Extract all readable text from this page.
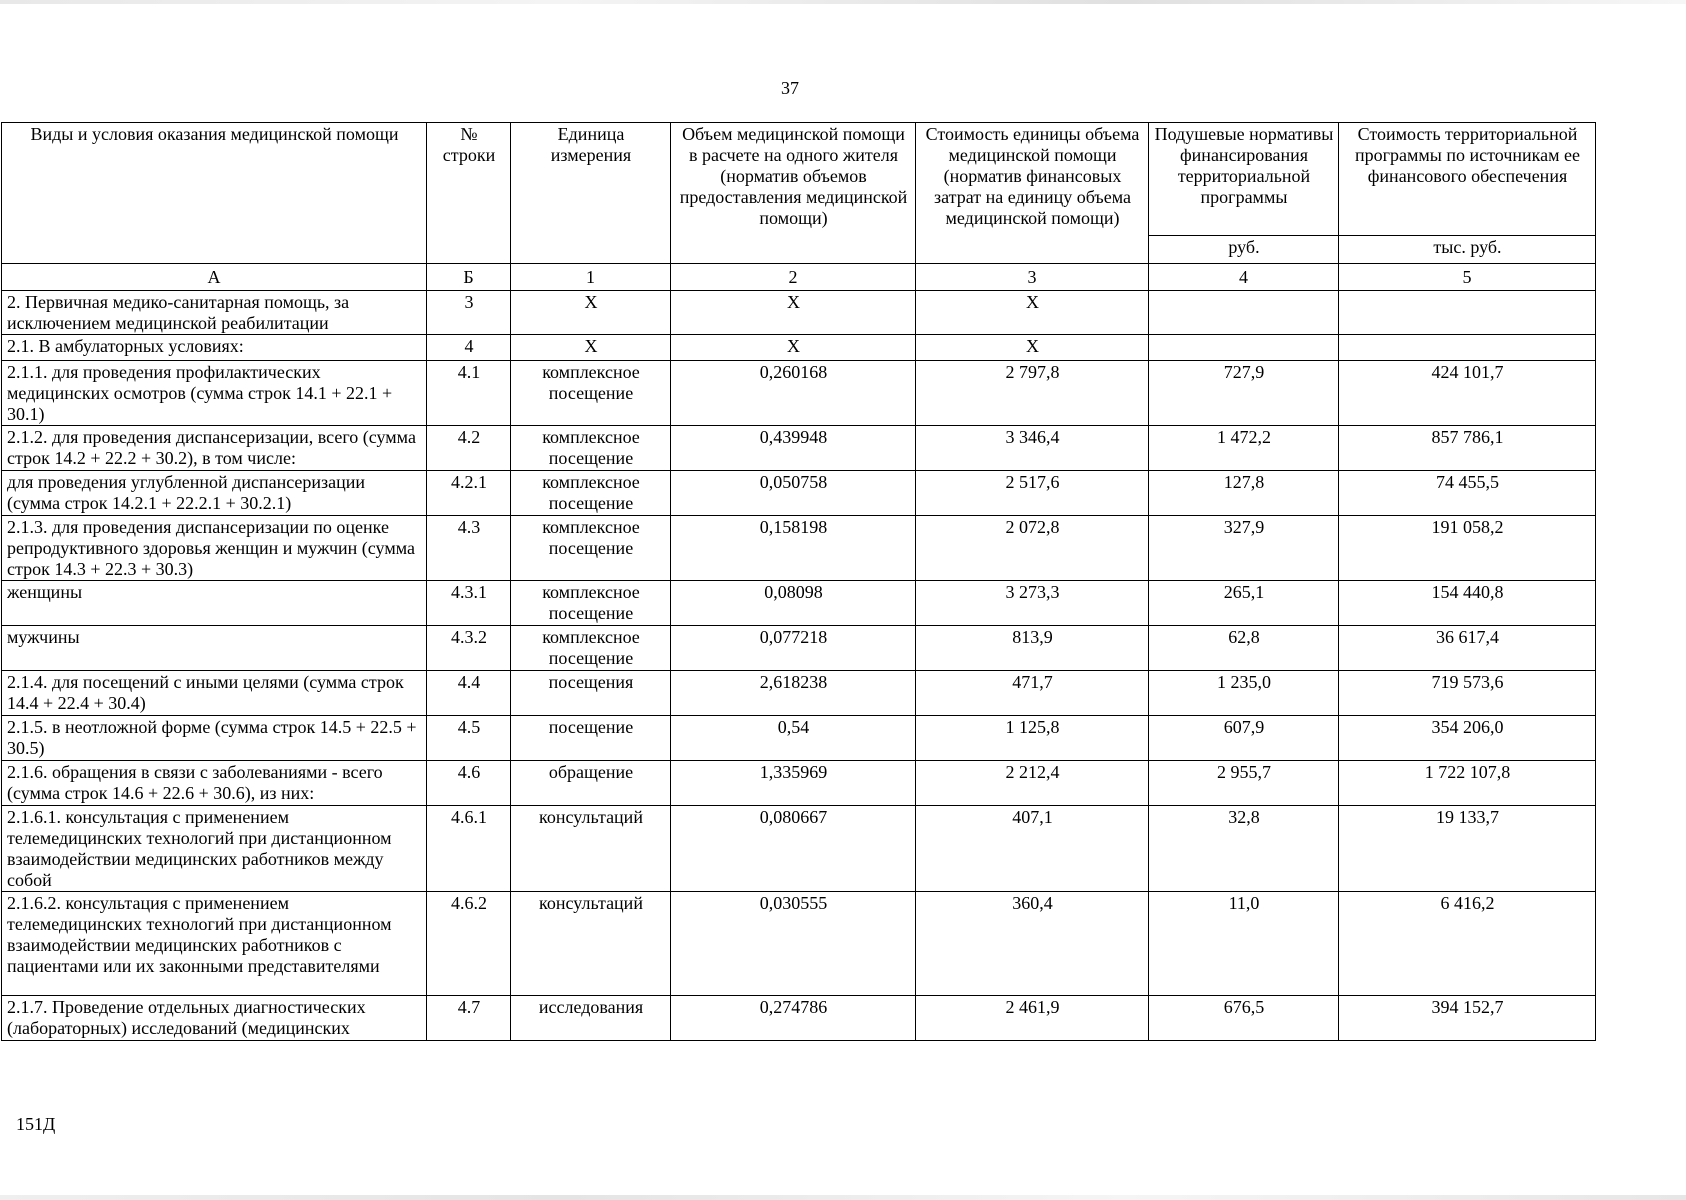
37
Виды и условия оказания медицинской помощи	№ строки	Единица измерения	Объем медицинской помощи в расчете на одного жителя (норматив объемов предоставления медицинской помощи)	Стоимость единицы объема медицинской помощи (норматив финансовых затрат на единицу объема медицинской помощи)	Подушевые нормативы финансирования территориальной программы	Стоимость территориальной программы по источникам ее финансового обеспечения
					руб.	тыс. руб.
А	Б	1	2	3	4	5
2. Первичная медико-санитарная помощь, за исключением медицинской реабилитации	3	Х	Х	Х		
2.1. В амбулаторных условиях:	4	Х	Х	Х		
2.1.1. для проведения профилактических медицинских осмотров (сумма строк 14.1 + 22.1 + 30.1)	4.1	комплексное посещение	0,260168	2 797,8	727,9	424 101,7
2.1.2. для проведения диспансеризации, всего (сумма строк 14.2 + 22.2 + 30.2), в том числе:	4.2	комплексное посещение	0,439948	3 346,4	1 472,2	857 786,1
для проведения углубленной диспансеризации (сумма строк 14.2.1 + 22.2.1 + 30.2.1)	4.2.1	комплексное посещение	0,050758	2 517,6	127,8	74 455,5
2.1.3. для проведения диспансеризации по оценке репродуктивного здоровья женщин и мужчин (сумма строк 14.3 + 22.3 + 30.3)	4.3	комплексное посещение	0,158198	2 072,8	327,9	191 058,2
женщины	4.3.1	комплексное посещение	0,08098	3 273,3	265,1	154 440,8
мужчины	4.3.2	комплексное посещение	0,077218	813,9	62,8	36 617,4
2.1.4. для посещений с иными целями (сумма строк 14.4 + 22.4 + 30.4)	4.4	посещения	2,618238	471,7	1 235,0	719 573,6
2.1.5. в неотложной форме (сумма строк 14.5 + 22.5 + 30.5)	4.5	посещение	0,54	1 125,8	607,9	354 206,0
2.1.6. обращения в связи с заболеваниями - всего (сумма строк 14.6 + 22.6 + 30.6), из них:	4.6	обращение	1,335969	2 212,4	2 955,7	1 722 107,8
2.1.6.1. консультация с применением телемедицинских технологий при дистанционном взаимодействии медицинских работников между собой	4.6.1	консультаций	0,080667	407,1	32,8	19 133,7
2.1.6.2. консультация с применением телемедицинских технологий при дистанционном взаимодействии медицинских работников с пациентами или их законными представителями	4.6.2	консультаций	0,030555	360,4	11,0	6 416,2
2.1.7. Проведение отдельных диагностических (лабораторных) исследований (медицинских	4.7	исследования	0,274786	2 461,9	676,5	394 152,7
151Д
